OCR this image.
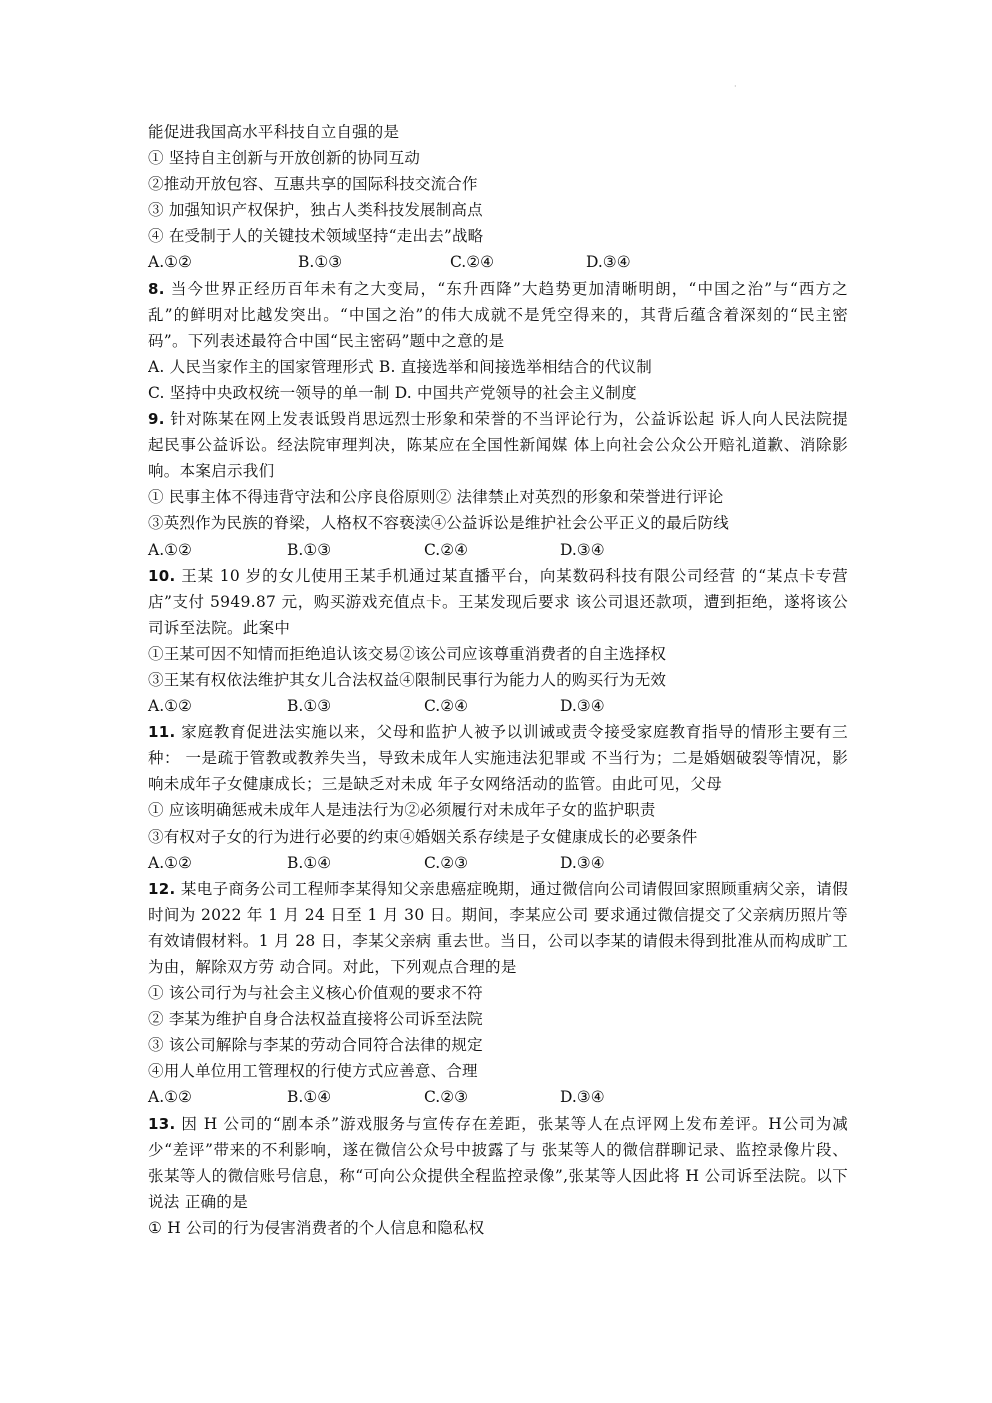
·
能促进我国高水平科技自立自强的是
① 坚持自主创新与开放创新的协同互动
②推动开放包容、互惠共享的国际科技交流合作
③ 加强知识产权保护，独占人类科技发展制高点
④ 在受制于人的关键技术领域坚持“走出去”战略
A.①②	B.①③	C.②④	D.③④
8. 当今世界正经历百年未有之大变局，“东升西降”大趋势更加清晰明朗，“中国之治”与“西方之乱”的鲜明对比越发突出。“中国之治”的伟大成就不是凭空得来的，其背后蕴含着深刻的“民主密码”。下列表述最符合中国“民主密码”题中之意的是
A. 人民当家作主的国家管理形式 B. 直接选举和间接选举相结合的代议制
C. 坚持中央政权统一领导的单一制 D. 中国共产党领导的社会主义制度
9. 针对陈某在网上发表诋毁肖思远烈士形象和荣誉的不当评论行为，公益诉讼起 诉人向人民法院提起民事公益诉讼。经法院审理判决，陈某应在全国性新闻媒 体上向社会公众公开赔礼道歉、消除影响。本案启示我们
① 民事主体不得违背守法和公序良俗原则② 法律禁止对英烈的形象和荣誉进行评论
③英烈作为民族的脊梁，人格权不容亵渎④公益诉讼是维护社会公平正义的最后防线
A.①②	B.①③	C.②④	D.③④
10. 王某 10 岁的女儿使用王某手机通过某直播平台，向某数码科技有限公司经营 的“某点卡专营店”支付 5949.87 元，购买游戏充值点卡。王某发现后要求 该公司退还款项，遭到拒绝，遂将该公司诉至法院。此案中
①王某可因不知情而拒绝追认该交易②该公司应该尊重消费者的自主选择权
③王某有权依法维护其女儿合法权益④限制民事行为能力人的购买行为无效
A.①②	B.①③	C.②④	D.③④
11. 家庭教育促进法实施以来，父母和监护人被予以训诫或责令接受家庭教育指导的情形主要有三种： 一是疏于管教或教养失当，导致未成年人实施违法犯罪或 不当行为；二是婚姻破裂等情况，影响未成年子女健康成长；三是缺乏对未成 年子女网络活动的监管。由此可见，父母
① 应该明确惩戒未成年人是违法行为②必须履行对未成年子女的监护职责
③有权对子女的行为进行必要的约束④婚姻关系存续是子女健康成长的必要条件
A.①②	B.①④	C.②③	D.③④
12. 某电子商务公司工程师李某得知父亲患癌症晚期，通过微信向公司请假回家照顾重病父亲，请假时间为 2022 年 1 月 24 日至 1 月 30 日。期间，李某应公司 要求通过微信提交了父亲病历照片等有效请假材料。1 月 28 日，李某父亲病 重去世。当日，公司以李某的请假未得到批准从而构成旷工为由，解除双方劳 动合同。对此，下列观点合理的是
① 该公司行为与社会主义核心价值观的要求不符
② 李某为维护自身合法权益直接将公司诉至法院
③ 该公司解除与李某的劳动合同符合法律的规定
④用人单位用工管理权的行使方式应善意、合理
A.①②	B.①④	C.②③	D.③④
13. 因 H 公司的“剧本杀”游戏服务与宣传存在差距，张某等人在点评网上发布差评。H公司为减少“差评”带来的不利影响，遂在微信公众号中披露了与 张某等人的微信群聊记录、监控录像片段、张某等人的微信账号信息，称“可向公众提供全程监控录像”,张某等人因此将 H 公司诉至法院。以下说法 正确的是
① H 公司的行为侵害消费者的个人信息和隐私权
